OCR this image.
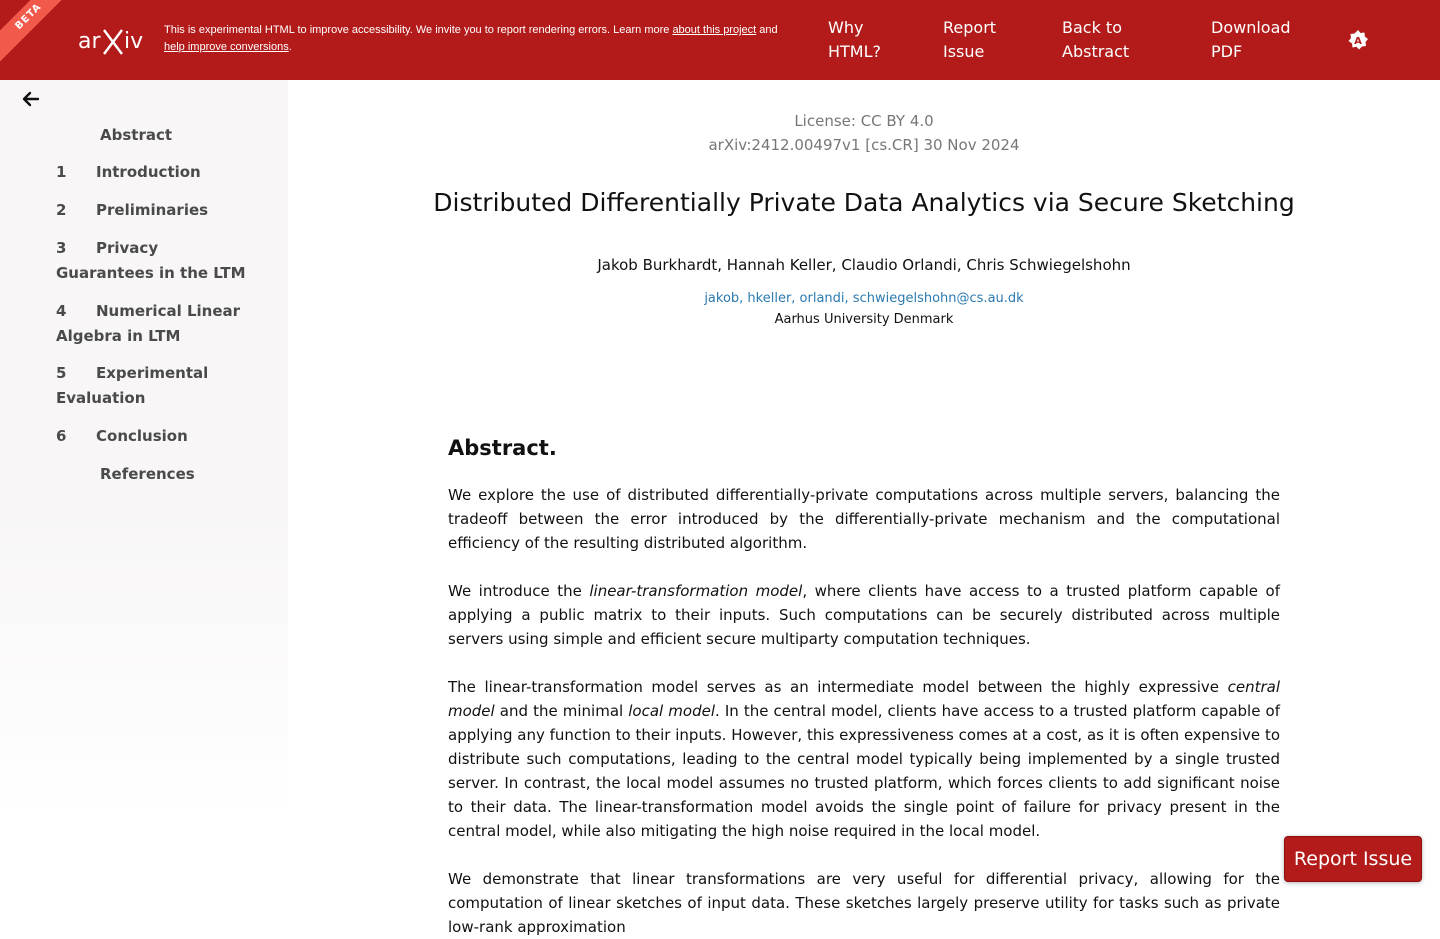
BETA
ar iv This is experimental HTML to improve accessibility. We invite you to report rendering errors. Learn more about this project and
help improve conversions.
Why HTML?
Report Issue
Back to Abstract
Download PDF
A
Abstract
1 Introduction
2 Preliminaries
3 Privacy Guarantees in the LTM
4 Numerical Linear Algebra in LTM
5 Experimental Evaluation
6 Conclusion
References
License: CC BY 4.0
arXiv:2412.00497v1 [cs.CR] 30 Nov 2024
Distributed Differentially Private Data Analytics via Secure Sketching
Jakob Burkhardt, Hannah Keller, Claudio Orlandi, Chris Schwiegelshohn
jakob, hkeller, orlandi, schwiegelshohn@cs.au.dk
Aarhus University Denmark
Abstract.
We explore the use of distributed differentially-private computations across multiple servers, balancing the tradeoff between the error introduced by the differentially-private mechanism and the computational efficiency of the resulting distributed algorithm.
We introduce the linear-transformation model, where clients have access to a trusted platform capable of applying a public matrix to their inputs. Such computations can be securely distributed across multiple servers using simple and efficient secure multiparty computation techniques.
The linear-transformation model serves as an intermediate model between the highly expressive central model and the minimal local model. In the central model, clients have access to a trusted platform capable of applying any function to their inputs. However, this expressiveness comes at a cost, as it is often expensive to distribute such computations, leading to the central model typically being implemented by a single trusted server. In contrast, the local model assumes no trusted platform, which forces clients to add significant noise to their data. The linear-transformation model avoids the single point of failure for privacy present in the central model, while also mitigating the high noise required in the local model.
We demonstrate that linear transformations are very useful for differential privacy, allowing for the computation of linear sketches of input data. These sketches largely preserve utility for tasks such as private low-rank approximation
Report Issue
